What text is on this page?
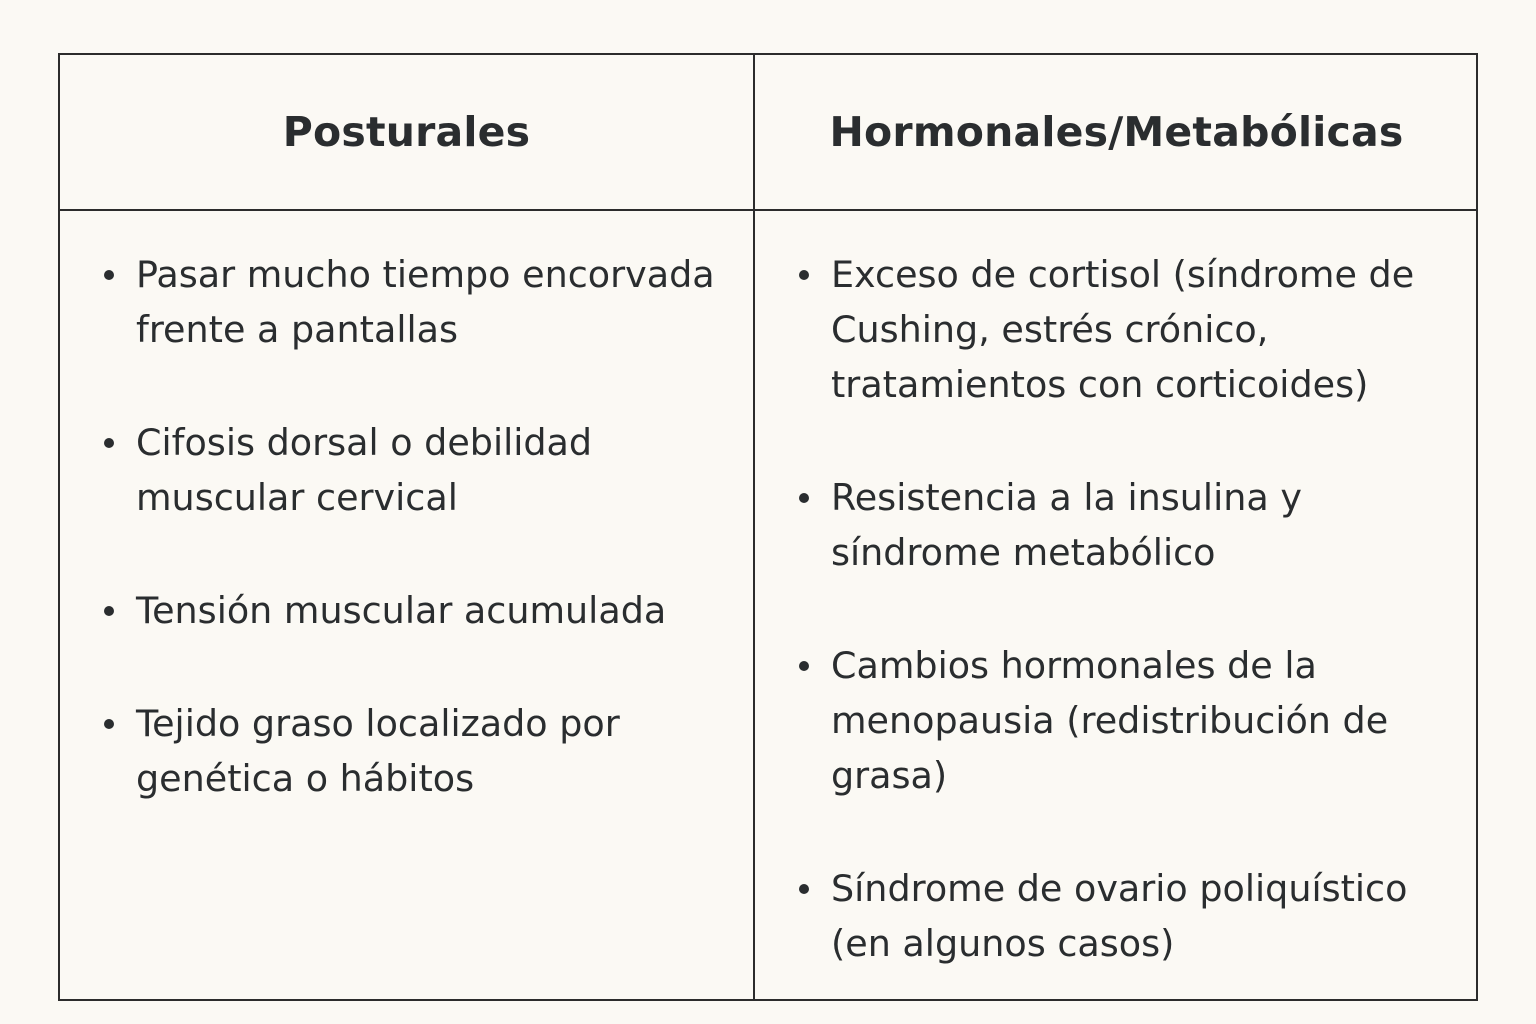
Posturales	Hormonales/Metabólicas
Pasar mucho tiempo encorvada frente a pantallas
Cifosis dorsal o debilidad muscular cervical
Tensión muscular acumulada
Tejido graso localizado por genética o hábitos
Exceso de cortisol (síndrome de Cushing, estrés crónico, tratamientos con corticoides)
Resistencia a la insulina y síndrome metabólico
Cambios hormonales de la menopausia (redistribución de grasa)
Síndrome de ovario poliquístico (en algunos casos)
